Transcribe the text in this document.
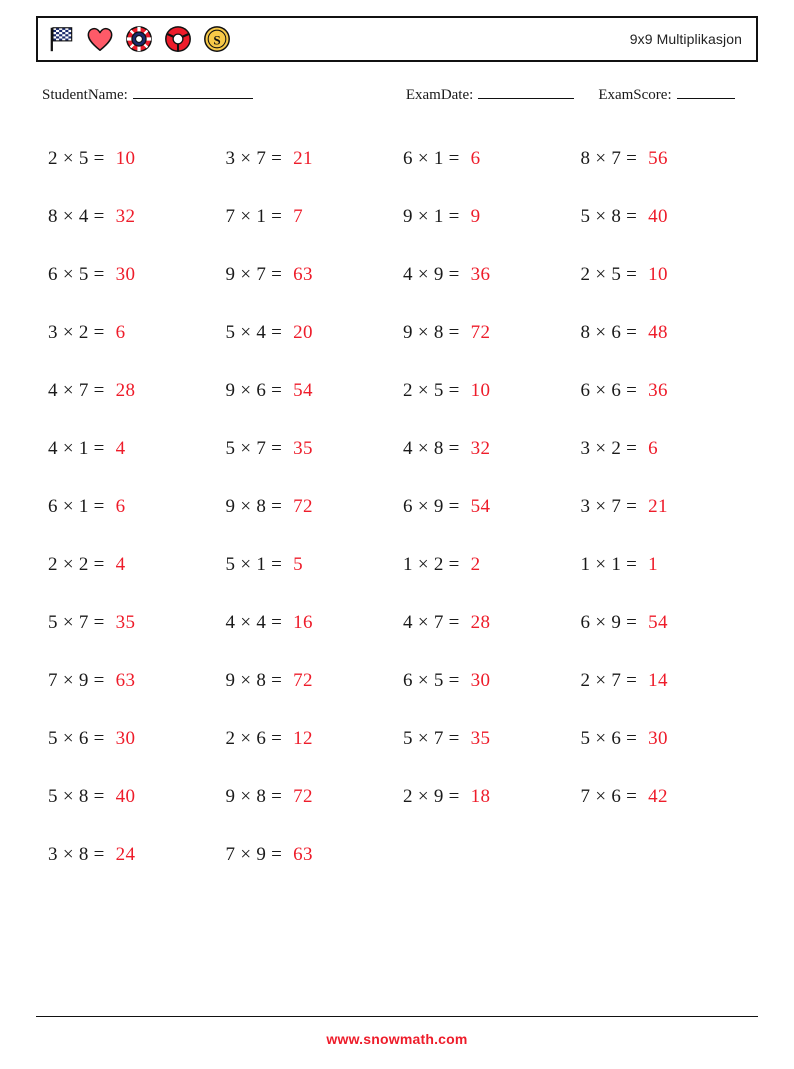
S	9x9 Multiplikasjon
StudentName:	ExamDate:	ExamScore:
2 × 5 = 10	3 × 7 = 21	6 × 1 = 6	8 × 7 = 56
8 × 4 = 32	7 × 1 = 7	9 × 1 = 9	5 × 8 = 40
6 × 5 = 30	9 × 7 = 63	4 × 9 = 36	2 × 5 = 10
3 × 2 = 6	5 × 4 = 20	9 × 8 = 72	8 × 6 = 48
4 × 7 = 28	9 × 6 = 54	2 × 5 = 10	6 × 6 = 36
4 × 1 = 4	5 × 7 = 35	4 × 8 = 32	3 × 2 = 6
6 × 1 = 6	9 × 8 = 72	6 × 9 = 54	3 × 7 = 21
2 × 2 = 4	5 × 1 = 5	1 × 2 = 2	1 × 1 = 1
5 × 7 = 35	4 × 4 = 16	4 × 7 = 28	6 × 9 = 54
7 × 9 = 63	9 × 8 = 72	6 × 5 = 30	2 × 7 = 14
5 × 6 = 30	2 × 6 = 12	5 × 7 = 35	5 × 6 = 30
5 × 8 = 40	9 × 8 = 72	2 × 9 = 18	7 × 6 = 42
3 × 8 = 24	7 × 9 = 63
www.snowmath.com
